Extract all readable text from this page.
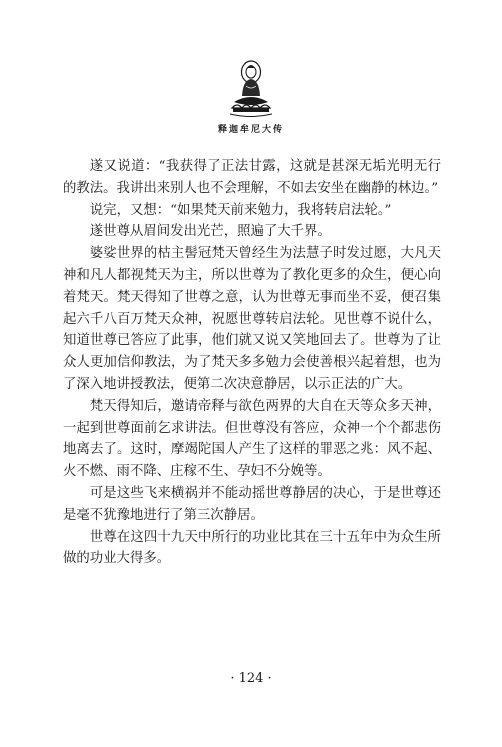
释迦牟尼大传

遂又说道：“我获得了正法甘露，这就是甚深无垢光明无行的教法。我讲出来别人也不会理解，不如去安坐在幽静的林边。”

说完，又想：“如果梵天前来勉力，我将转启法轮。”

遂世尊从眉间发出光芒，照遍了大千界。

婆娑世界的枯主髻冠梵天曾经生为法慧子时发过愿，大凡天神和凡人都视梵天为主，所以世尊为了教化更多的众生，便心向着梵天。梵天得知了世尊之意，认为世尊无事而坐不妥，便召集起六千八百万梵天众神，祝愿世尊转启法轮。见世尊不说什么，知道世尊已答应了此事，他们就又说又笑地回去了。世尊为了让众人更加信仰教法，为了梵天多多勉力会使善根兴起着想，也为了深入地讲授教法，便第二次决意静居，以示正法的广大。

梵天得知后，邀请帝释与欲色两界的大自在天等众多天神，一起到世尊面前乞求讲法。但世尊没有答应，众神一个个都悲伤地离去了。这时，摩竭陀国人产生了这样的罪恶之兆：风不起、火不燃、雨不降、庄稼不生、孕妇不分娩等。

可是这些飞来横祸并不能动摇世尊静居的决心，于是世尊还是毫不犹豫地进行了第三次静居。

世尊在这四十九天中所行的功业比其在三十五年中为众生所做的功业大得多。

· 124 ·
